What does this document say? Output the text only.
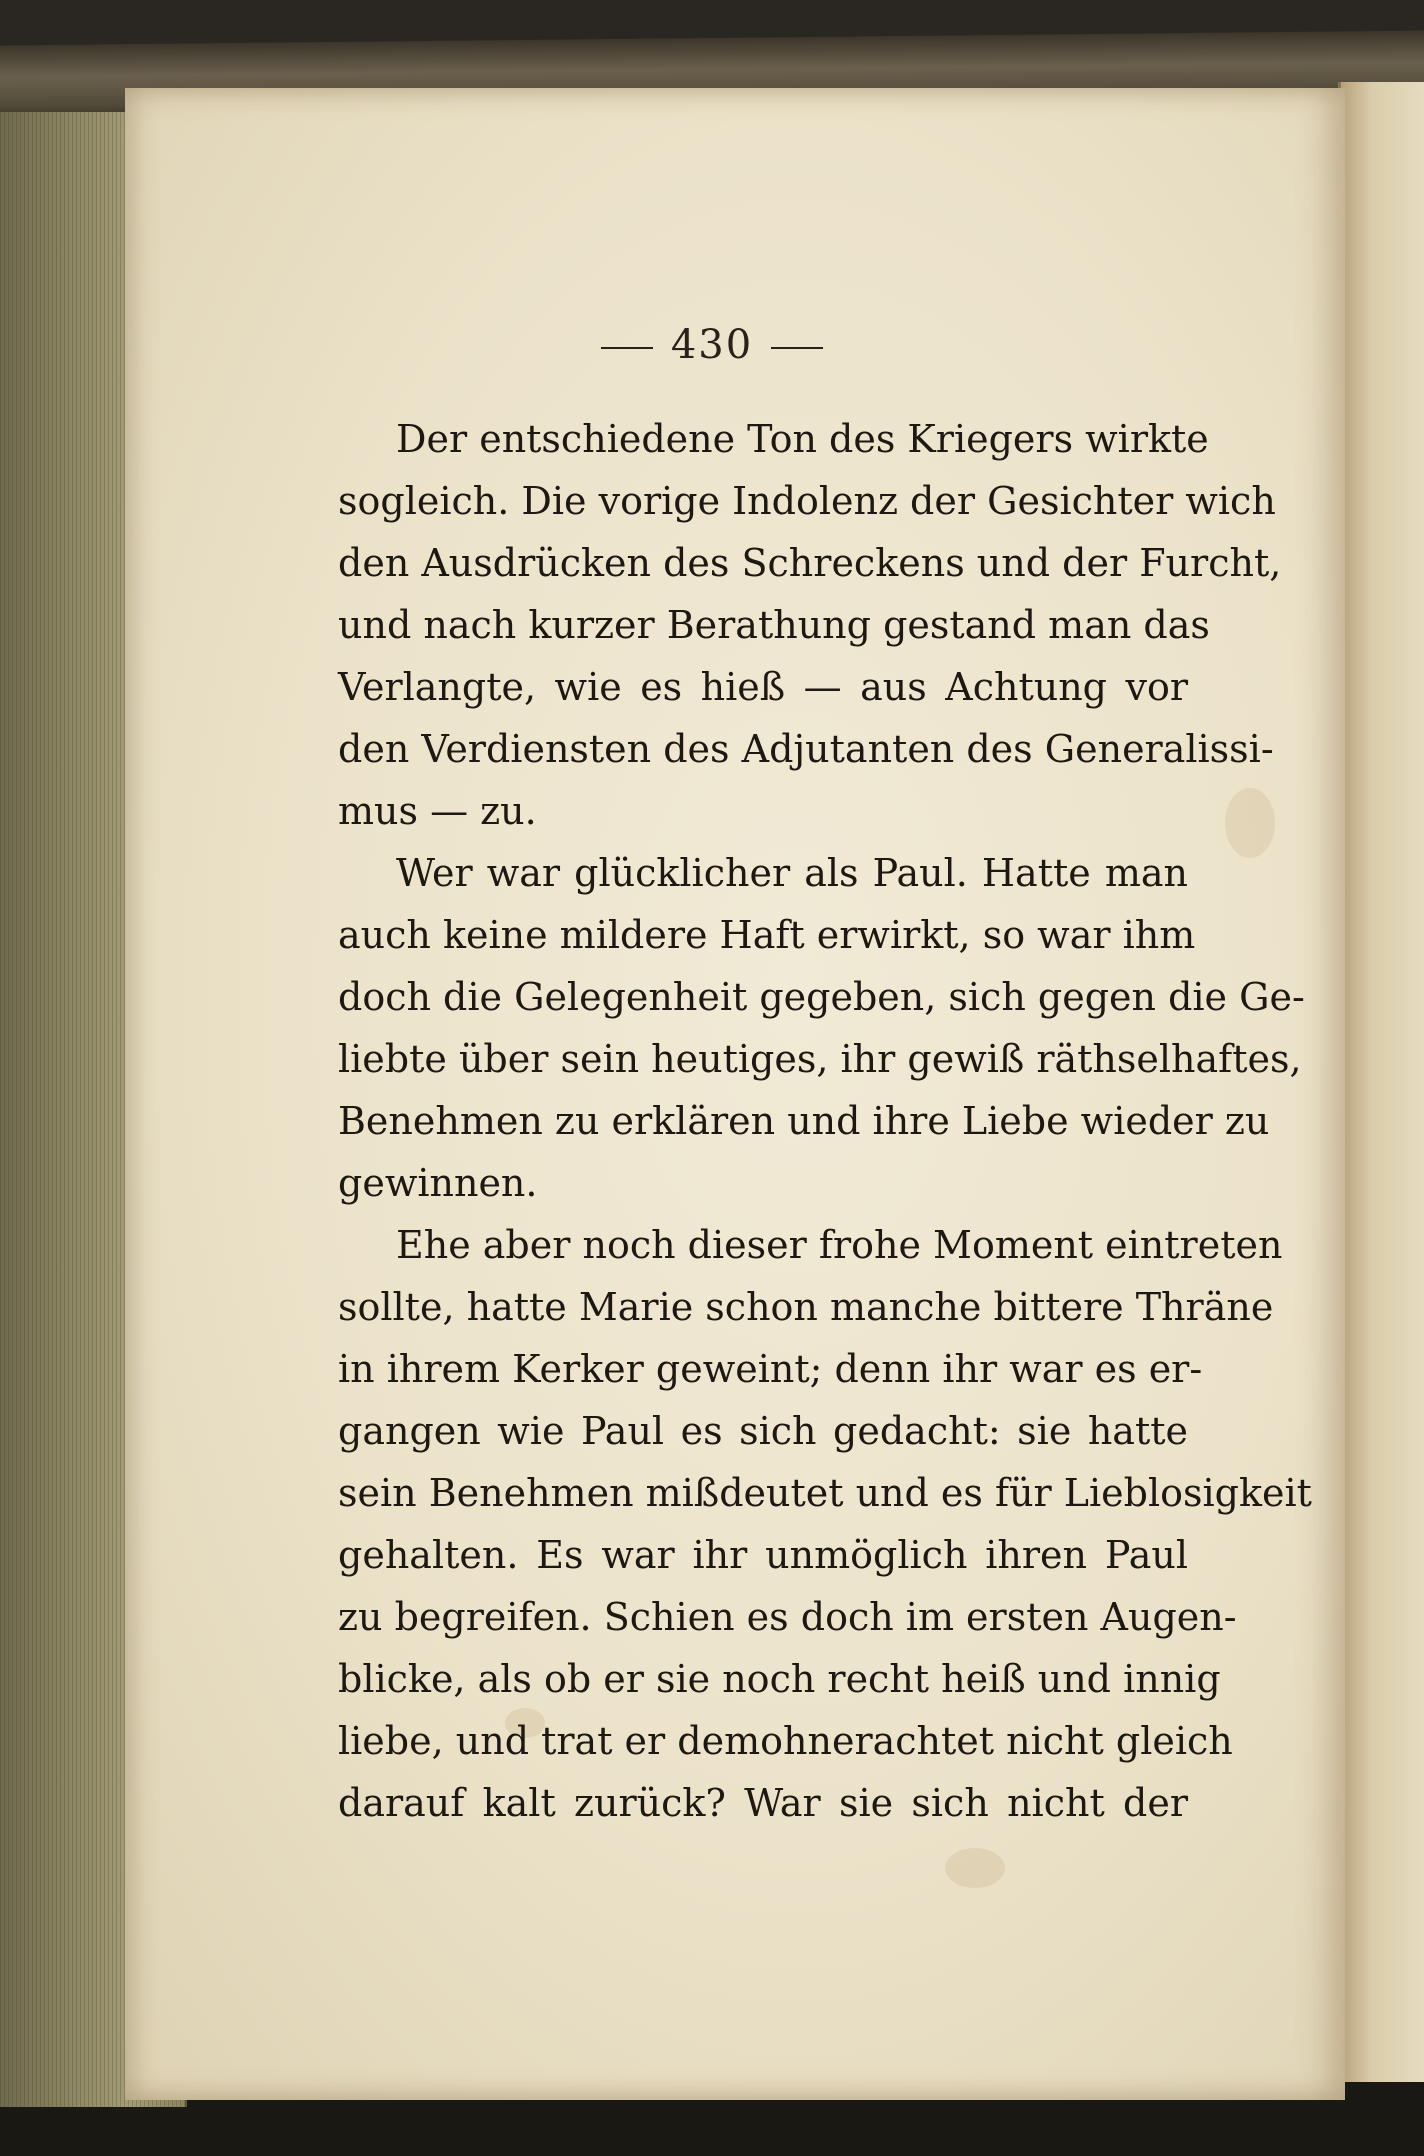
430
Der entschiedene Ton des Kriegers wirkte
sogleich. Die vorige Indolenz der Gesichter wich
den Ausdrücken des Schreckens und der Furcht,
und nach kurzer Berathung gestand man das
Verlangte, wie es hieß — aus Achtung vor
den Verdiensten des Adjutanten des Generalissi-
mus — zu.
Wer war glücklicher als Paul. Hatte man
auch keine mildere Haft erwirkt, so war ihm
doch die Gelegenheit gegeben, sich gegen die Ge-
liebte über sein heutiges, ihr gewiß räthselhaftes,
Benehmen zu erklären und ihre Liebe wieder zu
gewinnen.
Ehe aber noch dieser frohe Moment eintreten
sollte, hatte Marie schon manche bittere Thräne
in ihrem Kerker geweint; denn ihr war es er-
gangen wie Paul es sich gedacht: sie hatte
sein Benehmen mißdeutet und es für Lieblosigkeit
gehalten. Es war ihr unmöglich ihren Paul
zu begreifen. Schien es doch im ersten Augen-
blicke, als ob er sie noch recht heiß und innig
liebe, und trat er demohnerachtet nicht gleich
darauf kalt zurück? War sie sich nicht der
